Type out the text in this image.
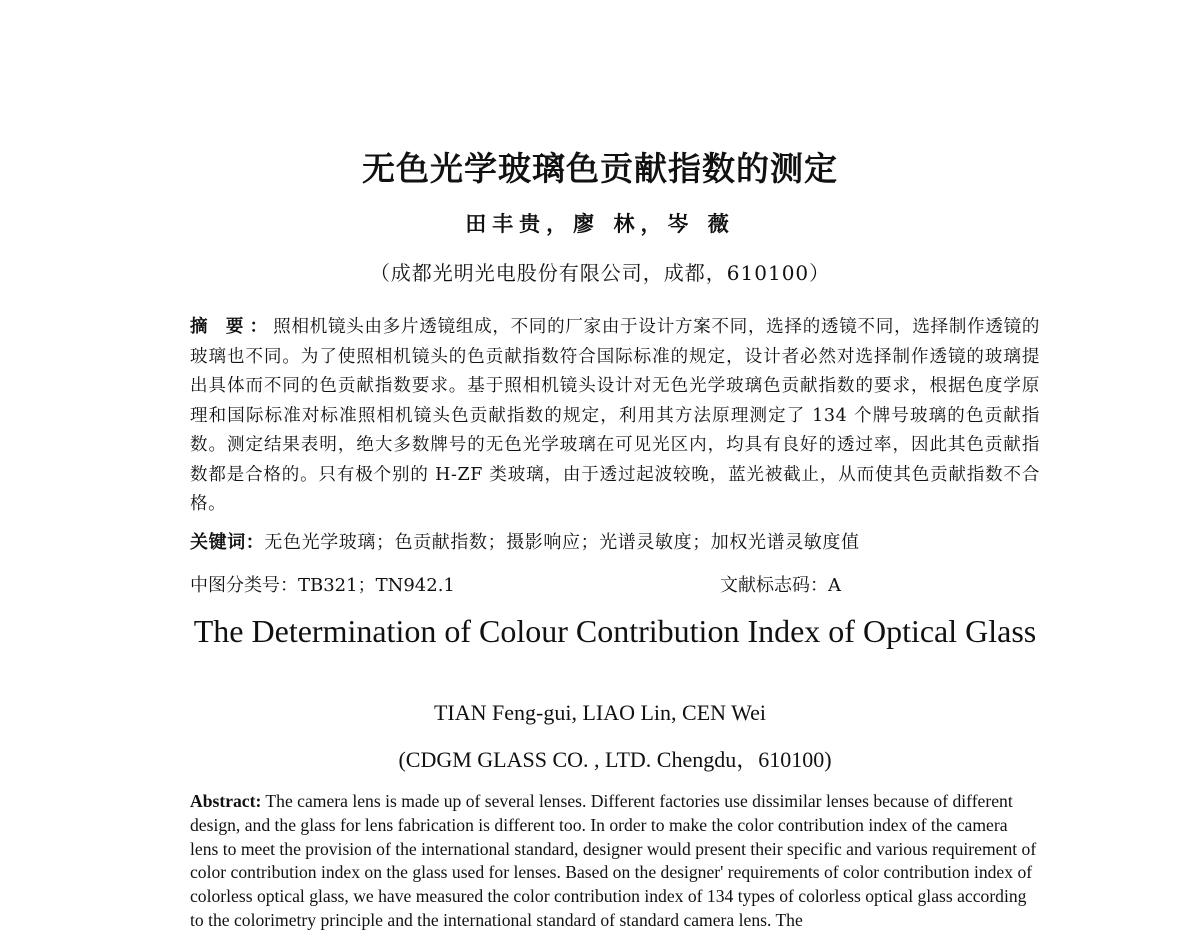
无色光学玻璃色贡献指数的测定
田丰贵，廖 林，岑 薇
（成都光明光电股份有限公司，成都，610100）
摘 要：照相机镜头由多片透镜组成，不同的厂家由于设计方案不同，选择的透镜不同，选择制作透镜的玻璃也不同。为了使照相机镜头的色贡献指数符合国际标准的规定，设计者必然对选择制作透镜的玻璃提出具体而不同的色贡献指数要求。基于照相机镜头设计对无色光学玻璃色贡献指数的要求，根据色度学原理和国际标准对标准照相机镜头色贡献指数的规定，利用其方法原理测定了 134 个牌号玻璃的色贡献指数。测定结果表明，绝大多数牌号的无色光学玻璃在可见光区内，均具有良好的透过率，因此其色贡献指数都是合格的。只有极个别的 H-ZF 类玻璃，由于透过起波较晚，蓝光被截止，从而使其色贡献指数不合格。
关键词：无色光学玻璃；色贡献指数；摄影响应；光谱灵敏度；加权光谱灵敏度值
中图分类号：TB321；TN942.1	文献标志码：A
The Determination of Colour Contribution Index of Optical Glass
TIAN Feng-gui, LIAO Lin, CEN Wei
(CDGM GLASS CO. , LTD. Chengdu，610100)
Abstract: The camera lens is made up of several lenses. Different factories use dissimilar lenses because of different design, and the glass for lens fabrication is different too. In order to make the color contribution index of the camera lens to meet the provision of the international standard, designer would present their specific and various requirement of color contribution index on the glass used for lenses. Based on the designer' requirements of color contribution index of colorless optical glass, we have measured the color contribution index of 134 types of colorless optical glass according to the colorimetry principle and the international standard of standard camera lens. The
